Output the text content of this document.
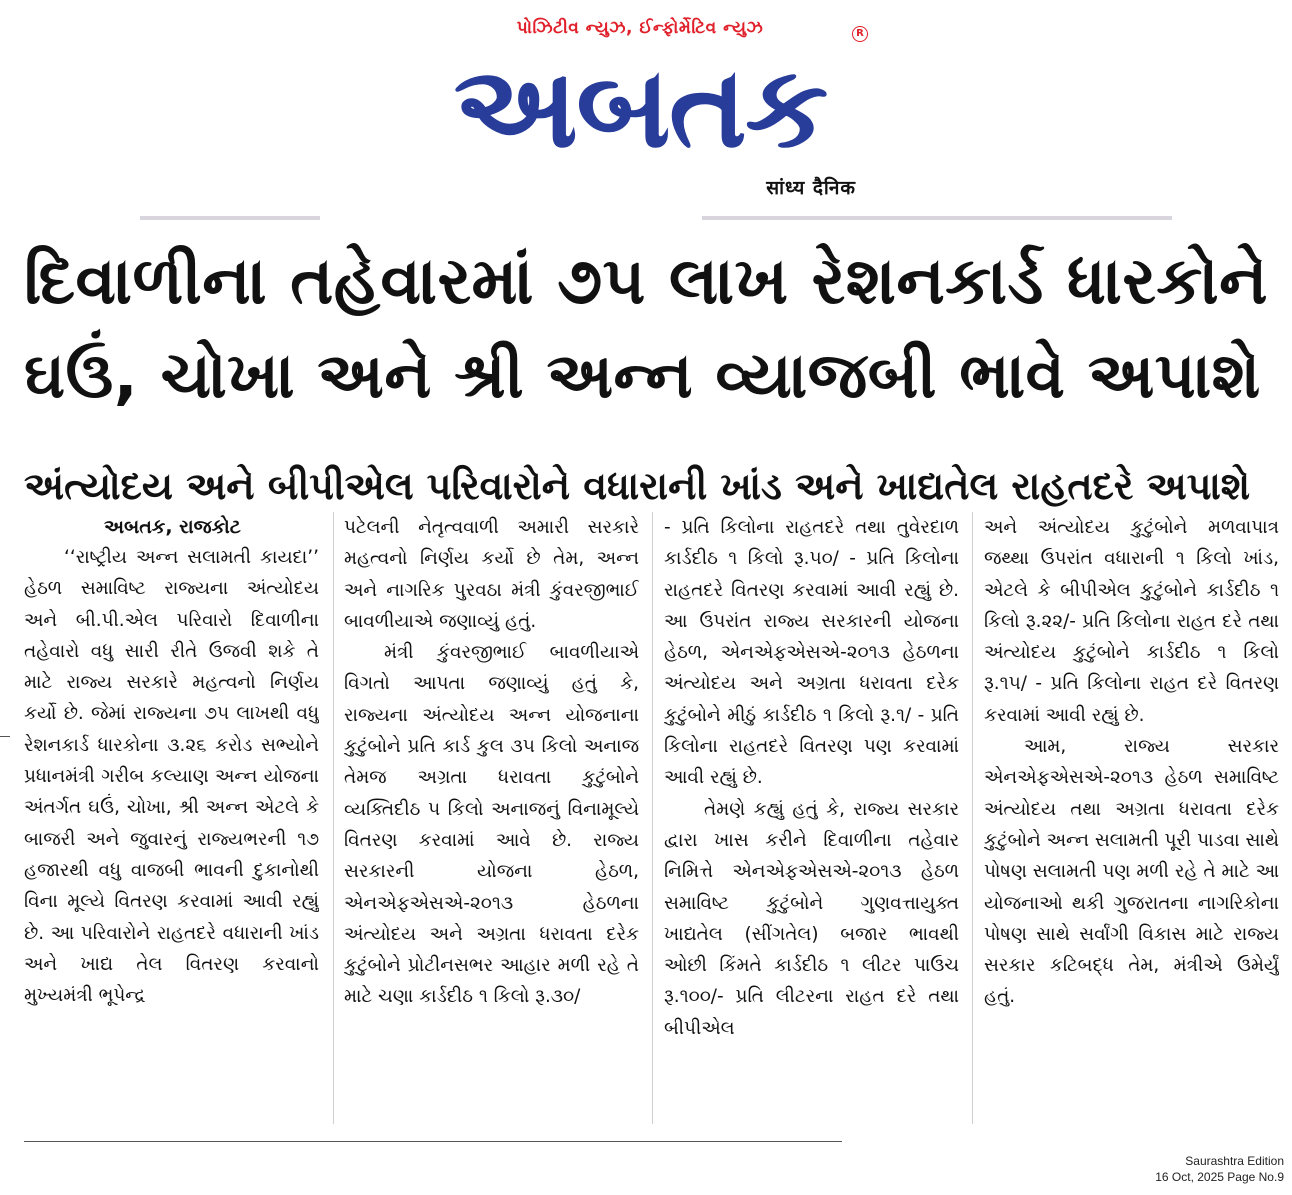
પોઝિટીવ ન્યુઝ, ઈન્ફોર્મેટિવ ન્યુઝ	R
અબતક
सांध्य दैनिक
દિવાળીના તહેવારમાં ૭૫ લાખ રેશનકાર્ડ ધારકોને
ઘઉં, ચોખા અને શ્રી અન્ન વ્યાજબી ભાવે અપાશે
અંત્યોદય અને બીપીએલ પરિવારોને વધારાની ખાંડ અને ખાદ્યતેલ રાહતદરે અપાશે
અબતક, રાજકોટ

‘‘રાષ્ટ્રીય અન્ન સલામતી કાયદા’’ હેઠળ સમાવિષ્ટ રાજ્યના અંત્યોદય અને બી.પી.એલ પરિવારો દિવાળીના તહેવારો વધુ સારી રીતે ઉજવી શકે તે માટે રાજ્ય સરકારે મહત્વનો નિર્ણય કર્યો છે. જેમાં રાજ્યના ૭૫ લાખથી વધુ રેશનકાર્ડ ધારકોના ૩.૨૬ કરોડ સભ્યોને પ્રધાનમંત્રી ગરીબ કલ્યાણ અન્ન યોજના અંતર્ગત ઘઉં, ચોખા, શ્રી અન્ન એટલે કે બાજરી અને જુવારનું રાજ્યભરની ૧૭ હજારથી વધુ વાજબી ભાવની દુકાનોથી વિના મૂલ્યે વિતરણ કરવામાં આવી રહ્યું છે. આ પરિવારોને રાહતદરે વધારાની ખાંડ અને ખાદ્ય તેલ વિતરણ કરવાનો મુખ્યમંત્રી ભૂપેન્દ્ર

પટેલની નેતૃત્વવાળી અમારી સરકારે મહત્વનો નિર્ણય કર્યો છે તેમ, અન્ન અને નાગરિક પુરવઠા મંત્રી કુંવરજીભાઈ બાવળીયાએ જણાવ્યું હતું.

મંત્રી કુંવરજીભાઈ બાવળીયાએ વિગતો આપતા જણાવ્યું હતું કે, રાજ્યના અંત્યોદય અન્ન યોજનાના કુટુંબોને પ્રતિ કાર્ડ કુલ ૩૫ કિલો અનાજ તેમજ અગ્રતા ધરાવતા કુટુંબોને વ્યક્તિદીઠ ૫ કિલો અનાજનું વિનામૂલ્યે વિતરણ કરવામાં આવે છે. રાજ્ય સરકારની યોજના હેઠળ, એનએફએસએ-૨૦૧૩ હેઠળના અંત્યોદય અને અગ્રતા ધરાવતા દરેક કુટુંબોને પ્રોટીનસભર આહાર મળી રહે તે માટે ચણા કાર્ડદીઠ ૧ કિલો રૂ.૩૦/

- પ્રતિ કિલોના રાહતદરે તથા તુવેરદાળ કાર્ડદીઠ ૧ કિલો રૂ.૫૦/ - પ્રતિ કિલોના રાહતદરે વિતરણ કરવામાં આવી રહ્યું છે. આ ઉપરાંત રાજ્ય સરકારની યોજના હેઠળ, એનએફએસએ-૨૦૧૩ હેઠળના અંત્યોદય અને અગ્રતા ધરાવતા દરેક કુટુંબોને મીઠું કાર્ડદીઠ ૧ કિલો રૂ.૧/ - પ્રતિ કિલોના રાહતદરે વિતરણ પણ કરવામાં આવી રહ્યું છે.

તેમણે કહ્યું હતું કે, રાજ્ય સરકાર દ્વારા ખાસ કરીને દિવાળીના તહેવાર નિમિત્તે એનએફએસએ-૨૦૧૩ હેઠળ સમાવિષ્ટ કુટુંબોને ગુણવત્તાયુક્ત ખાદ્યતેલ (સીંગતેલ) બજાર ભાવથી ઓછી કિંમતે કાર્ડદીઠ ૧ લીટર પાઉચ રૂ.૧૦૦/- પ્રતિ લીટરના રાહત દરે તથા બીપીએલ

અને અંત્યોદય કુટુંબોને મળવાપાત્ર જથ્થા ઉપરાંત વધારાની ૧ કિલો ખાંડ, એટલે કે બીપીએલ કુટુંબોને કાર્ડદીઠ ૧ કિલો રૂ.૨૨/- પ્રતિ કિલોના રાહત દરે તથા અંત્યોદય કુટુંબોને કાર્ડદીઠ ૧ કિલો રૂ.૧૫/ - પ્રતિ કિલોના રાહત દરે વિતરણ કરવામાં આવી રહ્યું છે.

આમ, રાજ્ય સરકાર એનએફએસએ-૨૦૧૩ હેઠળ સમાવિષ્ટ અંત્યોદય તથા અગ્રતા ધરાવતા દરેક કુટુંબોને અન્ન સલામતી પૂરી પાડવા સાથે પોષણ સલામતી પણ મળી રહે તે માટે આ યોજનાઓ થકી ગુજરાતના નાગરિકોના પોષણ સાથે સર્વાંગી વિકાસ માટે રાજ્ય સરકાર કટિબદ્ધ તેમ, મંત્રીએ ઉમેર્યું હતું.

Saurashtra Edition
16 Oct, 2025 Page No.9
